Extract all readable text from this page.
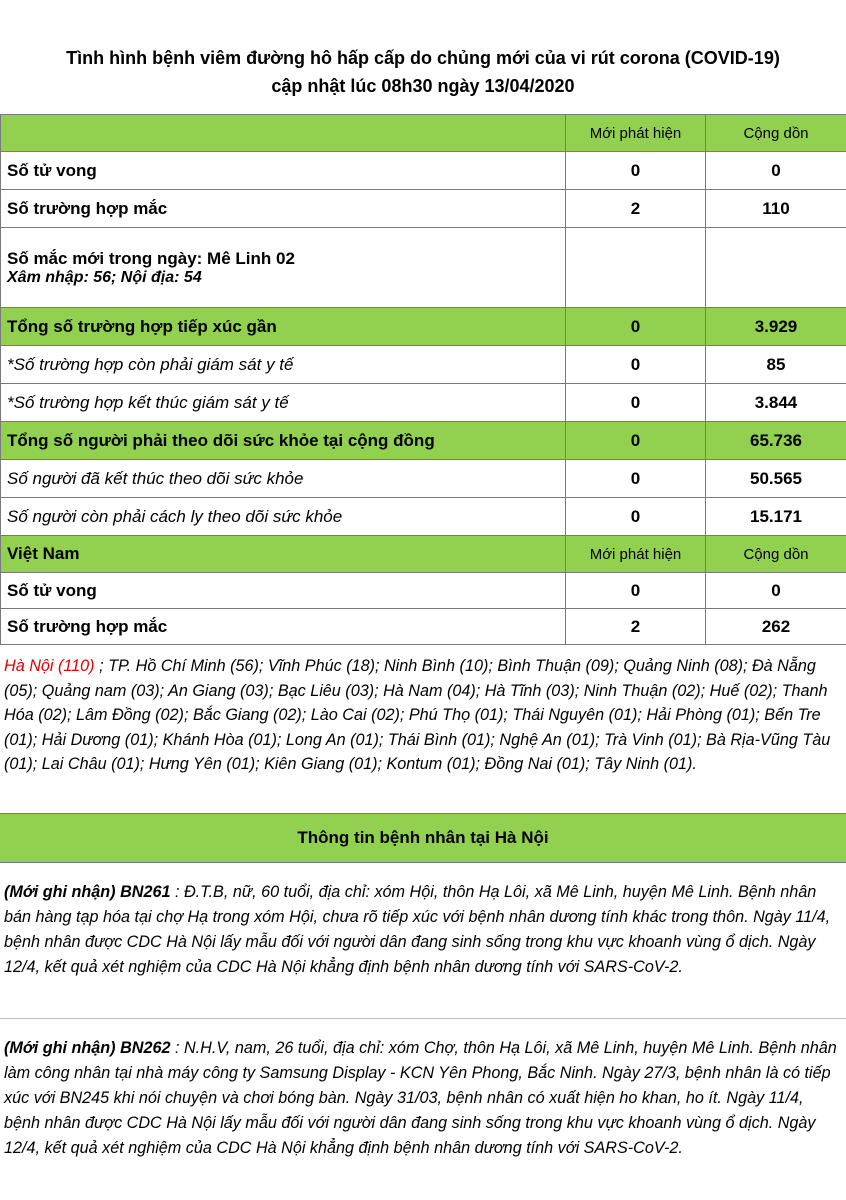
Tình hình bệnh viêm đường hô hấp cấp do chủng mới của vi rút corona (COVID-19)
cập nhật lúc 08h30 ngày 13/04/2020
	Mới phát hiện	Cộng dồn
Số tử vong	0	0
Số trường hợp mắc	2	110

Số mắc mới trong ngày: Mê Linh 02
Xâm nhập: 56; Nội địa: 54		

Tổng số trường hợp tiếp xúc gần	0	3.929
*Số trường hợp còn phải giám sát y tế	0	85
*Số trường hợp kết thúc giám sát y tế	0	3.844
Tổng số người phải theo dõi sức khỏe tại cộng đồng	0	65.736
Số người đã kết thúc theo dõi sức khỏe	0	50.565
Số người còn phải cách ly theo dõi sức khỏe	0	15.171
Việt Nam	Mới phát hiện	Cộng dồn
Số tử vong	0	0
Số trường hợp mắc	2	262
Hà Nội (110) ; TP. Hồ Chí Minh (56); Vĩnh Phúc (18); Ninh Bình (10); Bình Thuận (09); Quảng Ninh (08); Đà Nẵng (05); Quảng nam (03); An Giang (03); Bạc Liêu (03); Hà Nam (04); Hà Tĩnh (03); Ninh Thuận (02); Huế (02); Thanh Hóa (02); Lâm Đồng (02); Bắc Giang (02); Lào Cai (02); Phú Thọ (01); Thái Nguyên (01); Hải Phòng (01); Bến Tre (01); Hải Dương (01); Khánh Hòa (01); Long An (01); Thái Bình (01); Nghệ An (01); Trà Vinh (01); Bà Rịa-Vũng Tàu (01); Lai Châu (01); Hưng Yên (01); Kiên Giang (01); Kontum (01); Đồng Nai (01); Tây Ninh (01).
Thông tin bệnh nhân tại Hà Nội
(Mới ghi nhận) BN261 : Đ.T.B, nữ, 60 tuổi, địa chỉ: xóm Hội, thôn Hạ Lôi, xã Mê Linh, huyện Mê Linh. Bệnh nhân bán hàng tạp hóa tại chợ Hạ trong xóm Hội, chưa rõ tiếp xúc với bệnh nhân dương tính khác trong thôn. Ngày 11/4, bệnh nhân được CDC Hà Nội lấy mẫu đối với người dân đang sinh sống trong khu vực khoanh vùng ổ dịch. Ngày 12/4, kết quả xét nghiệm của CDC Hà Nội khẳng định bệnh nhân dương tính với SARS-CoV-2.
(Mới ghi nhận) BN262 : N.H.V, nam, 26 tuổi, địa chỉ: xóm Chợ, thôn Hạ Lôi, xã Mê Linh, huyện Mê Linh. Bệnh nhân làm công nhân tại nhà máy công ty Samsung Display - KCN Yên Phong, Bắc Ninh. Ngày 27/3, bệnh nhân là có tiếp xúc với BN245 khi nói chuyện và chơi bóng bàn. Ngày 31/03, bệnh nhân có xuất hiện ho khan, ho ít. Ngày 11/4, bệnh nhân được CDC Hà Nội lấy mẫu đối với người dân đang sinh sống trong khu vực khoanh vùng ổ dịch. Ngày 12/4, kết quả xét nghiệm của CDC Hà Nội khẳng định bệnh nhân dương tính với SARS-CoV-2.
